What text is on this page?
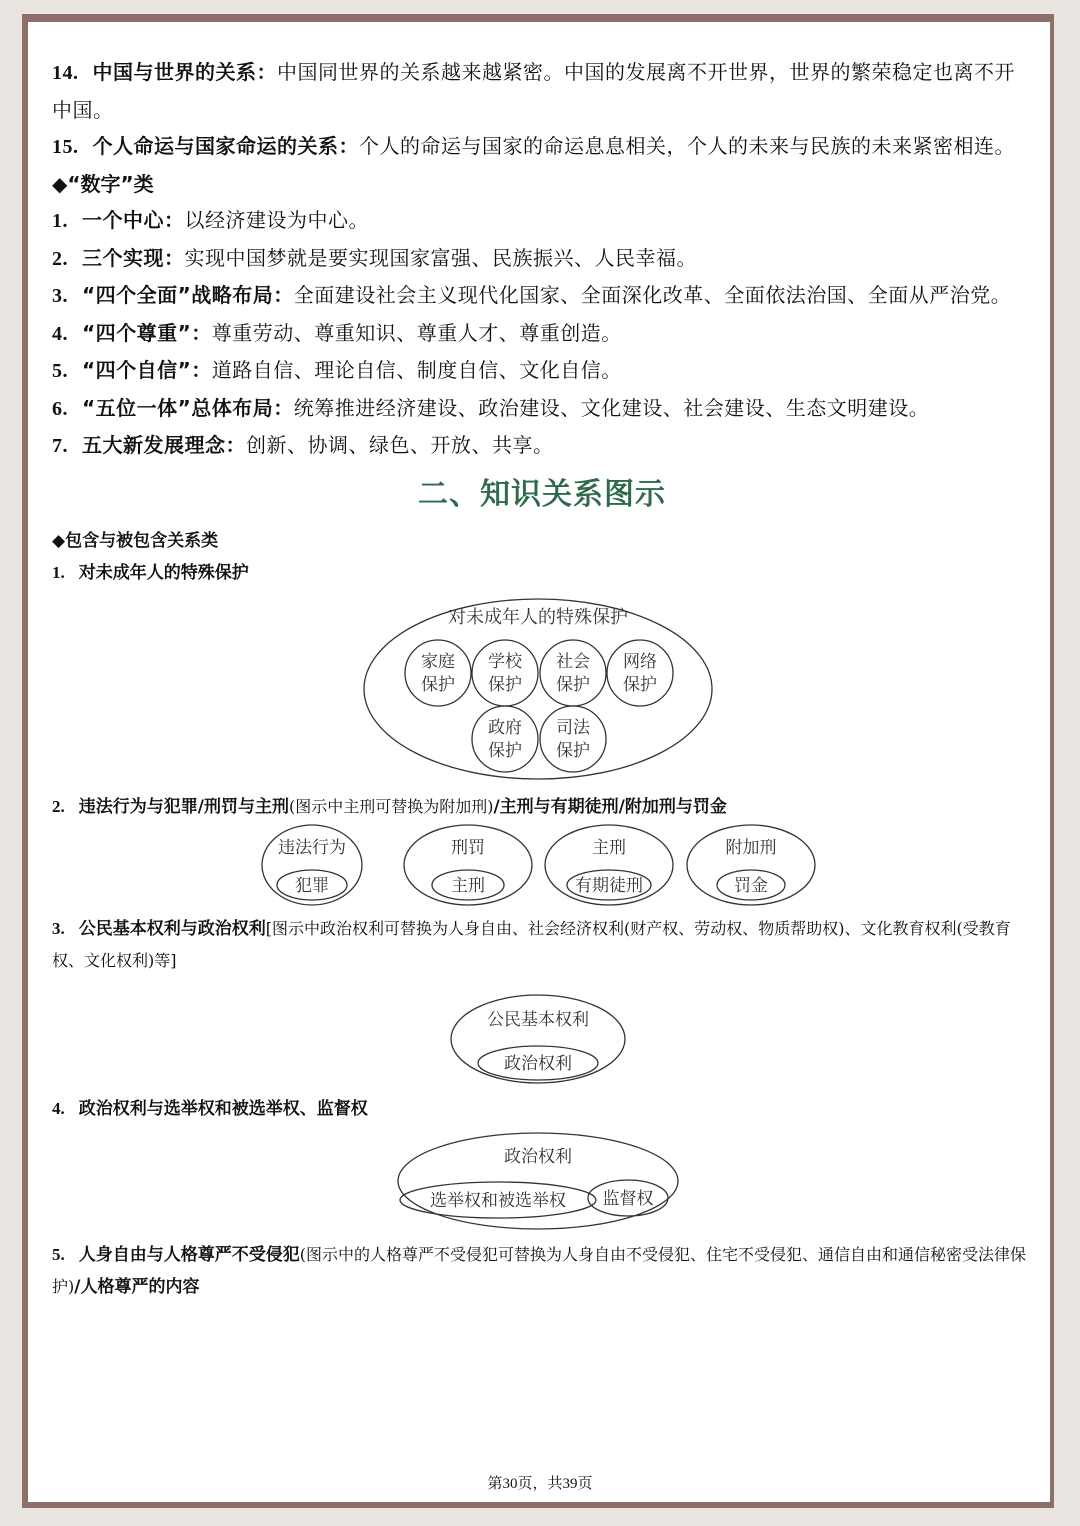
14. 中国与世界的关系：中国同世界的关系越来越紧密。中国的发展离不开世界，世界的繁荣稳定也离不开中国。

15. 个人命运与国家命运的关系：个人的命运与国家的命运息息相关，个人的未来与民族的未来紧密相连。

◆“数字”类

1. 一个中心：以经济建设为中心。

2. 三个实现：实现中国梦就是要实现国家富强、民族振兴、人民幸福。

3. “四个全面”战略布局：全面建设社会主义现代化国家、全面深化改革、全面依法治国、全面从严治党。

4. “四个尊重”：尊重劳动、尊重知识、尊重人才、尊重创造。

5. “四个自信”：道路自信、理论自信、制度自信、文化自信。

6. “五位一体”总体布局：统筹推进经济建设、政治建设、文化建设、社会建设、生态文明建设。

7. 五大新发展理念：创新、协调、绿色、开放、共享。

二、知识关系图示

◆包含与被包含关系类

1. 对未成年人的特殊保护

对未成年人的特殊保护
家庭
保护
学校
保护
社会
保护
网络
保护
政府
保护
司法
保护

2. 违法行为与犯罪/刑罚与主刑(图示中主刑可替换为附加刑)/主刑与有期徒刑/附加刑与罚金

违法行为
犯罪
刑罚
主刑
主刑
有期徒刑
附加刑
罚金

3. 公民基本权利与政治权利[图示中政治权利可替换为人身自由、社会经济权利(财产权、劳动权、物质帮助权)、文化教育权利(受教育权、文化权利)等]

公民基本权利
政治权利

4. 政治权利与选举权和被选举权、监督权

政治权利
选举权和被选举权 监督权

5. 人身自由与人格尊严不受侵犯(图示中的人格尊严不受侵犯可替换为人身自由不受侵犯、住宅不受侵犯、通信自由和通信秘密受法律保护)/人格尊严的内容

第30页，共39页
